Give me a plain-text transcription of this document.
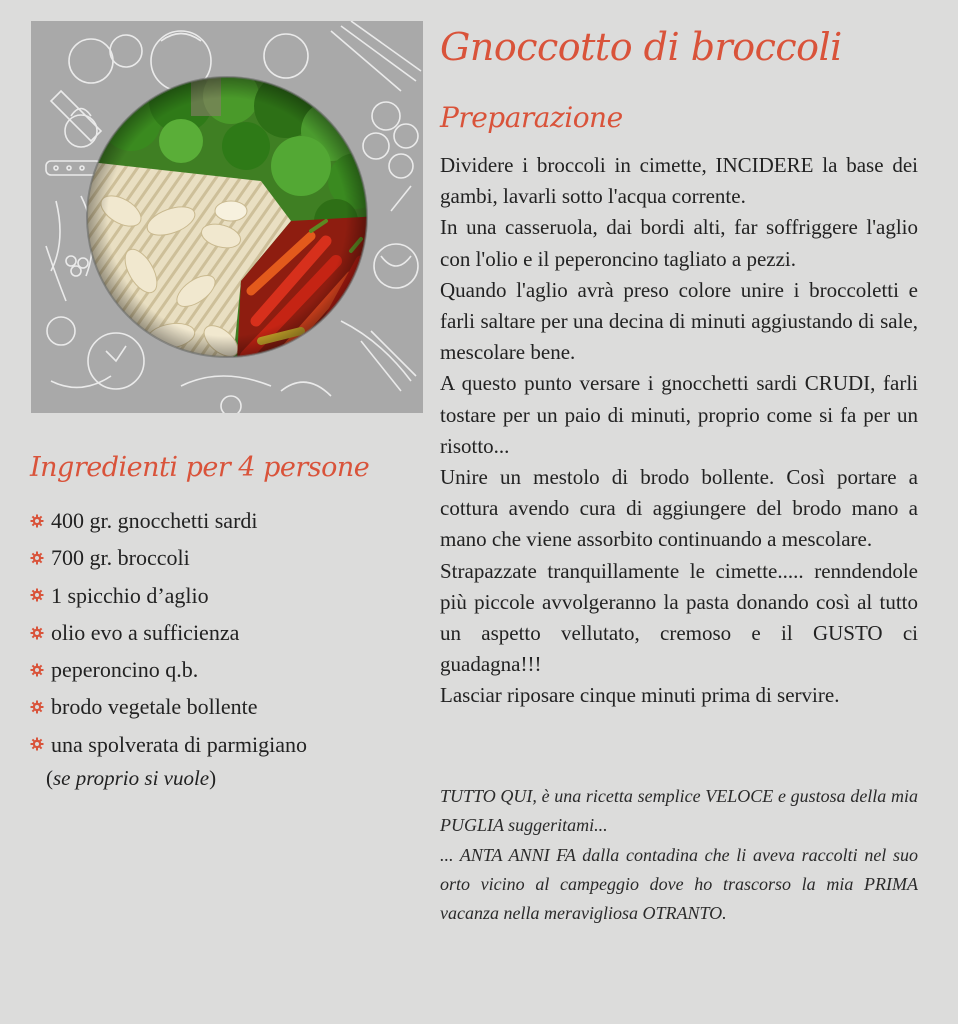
Gnoccotto di broccoli
Preparazione

Dividere i broccoli in cimette, INCIDERE la base dei gambi, lavarli sotto l'acqua corrente.

In una casseruola, dai bordi alti, far soffriggere l'aglio con l'olio e il peperoncino tagliato a pezzi.

Quando l'aglio avrà preso colore unire i broccoletti e farli saltare per una decina di minuti aggiustando di sale, mescolare bene.

A questo punto versare i gnocchetti sardi CRUDI, farli tostare per un paio di minuti, proprio come si fa per un risotto...

Unire un mestolo di brodo bollente. Così portare a cottura avendo cura di aggiungere del brodo mano a mano che viene assorbito continuando a mescolare.

Strapazzate tranquillamente le cimette..... renndendole più piccole avvolgeranno la pasta donando così al tutto un aspetto vellutato, cremoso e il GUSTO ci guadagna!!!

Lasciar riposare cinque minuti prima di servire.

TUTTO QUI, è una ricetta semplice VELOCE e gustosa della mia PUGLIA suggeritami...

... ANTA ANNI FA dalla contadina che li aveva raccolti nel suo orto vicino al campeggio dove ho trascorso la mia PRIMA vacanza nella meravigliosa OTRANTO.

Ingredienti per 4 persone
400 gr. gnocchetti sardi
700 gr. broccoli
1 spicchio d’aglio
olio evo a sufficienza
peperoncino q.b.
brodo vegetale bollente
una spolverata di parmigiano
(se proprio si vuole)
